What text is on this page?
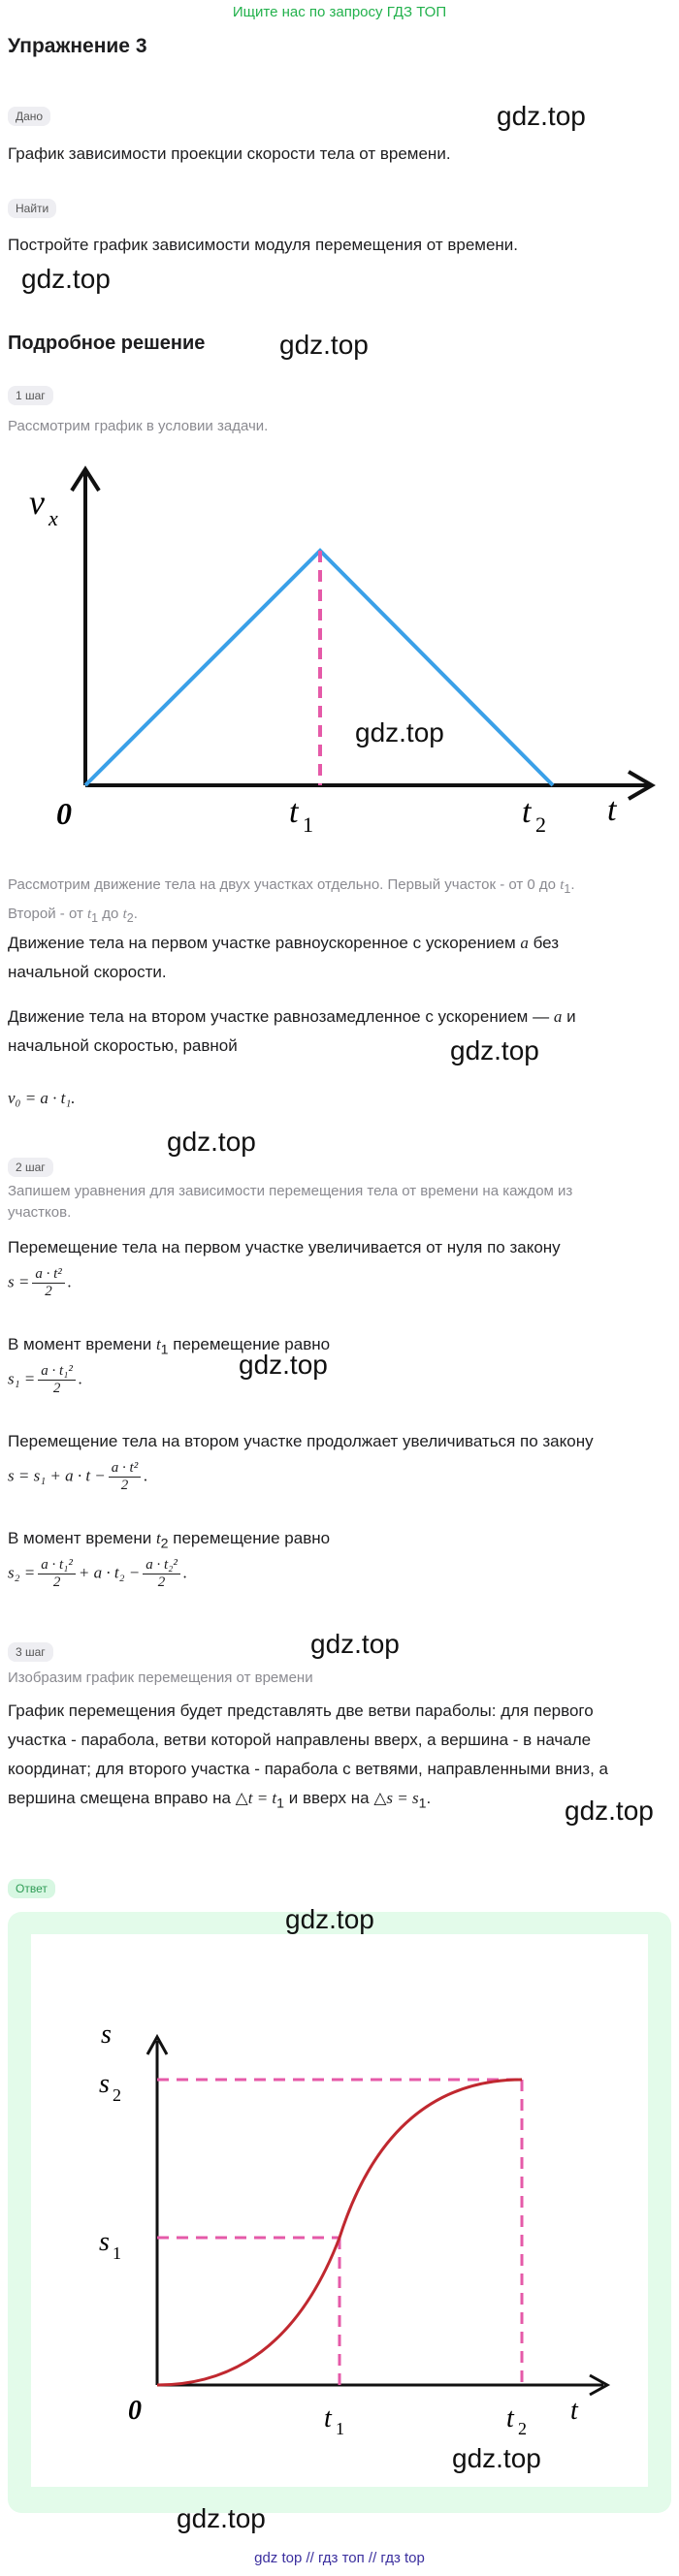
Ищите нас по запросу ГДЗ ТОП
Упражнение 3
Дано	gdz.top
График зависимости проекции скорости тела от времени.
Найти
Постройте график зависимости модуля перемещения от времени.
gdz.top
Подробное решение	gdz.top
1 шаг
Рассмотрим график в условии задачи.
v x
0	t 1	t 2 t
gdz.top
Рассмотрим движение тела на двух участках отдельно. Первый участок - от 0 до $t_1$.
Второй - от $t_1$ до $t_2$.
Движение тела на первом участке равноускоренное с ускорением a без
начальной скорости.
Движение тела на втором участке равнозамедленное с ускорением — a и
начальной скоростью, равной	gdz.top
v₀ = a · t₁.
gdz.top
2 шаг
Запишем уравнения для зависимости перемещения тела от времени на каждом из участков.
Перемещение тела на первом участке увеличивается от нуля по закону
$s = \frac{\text{a · t²}}{2}$ .
В момент времени $t_1$ перемещение равно
gdz.top
$s_1 = \frac{\text{a · t₁²}}{2}$ .
Перемещение тела на втором участке продолжает увеличиваться по закону
$s = s_1 + a \cdot t - \frac{\text{a · t²}}{2}$ .
В момент времени $t_2$ перемещение равно
$s_2 = \frac{\text{a · t₁²}}{2} + a \cdot t_2 - \frac{\text{a · t₂²}}{2}$ .
gdz.top
3 шаг
Изобразим график перемещения от времени
График перемещения будет представлять две ветви параболы: для первого
участка - парабола, ветви которой направлены вверх, а вершина - в начале
координат; для второго участка - парабола с ветвями, направленными вниз, а
вершина смещена вправо на △t = $t_1$ и вверх на △s = $s_1$.	gdz.top
Ответ
gdz.top
s
s 2
s 1
0	t 1	t 2
t
gdz.top
gdz.top
gdz top // гдз топ // гдз top
